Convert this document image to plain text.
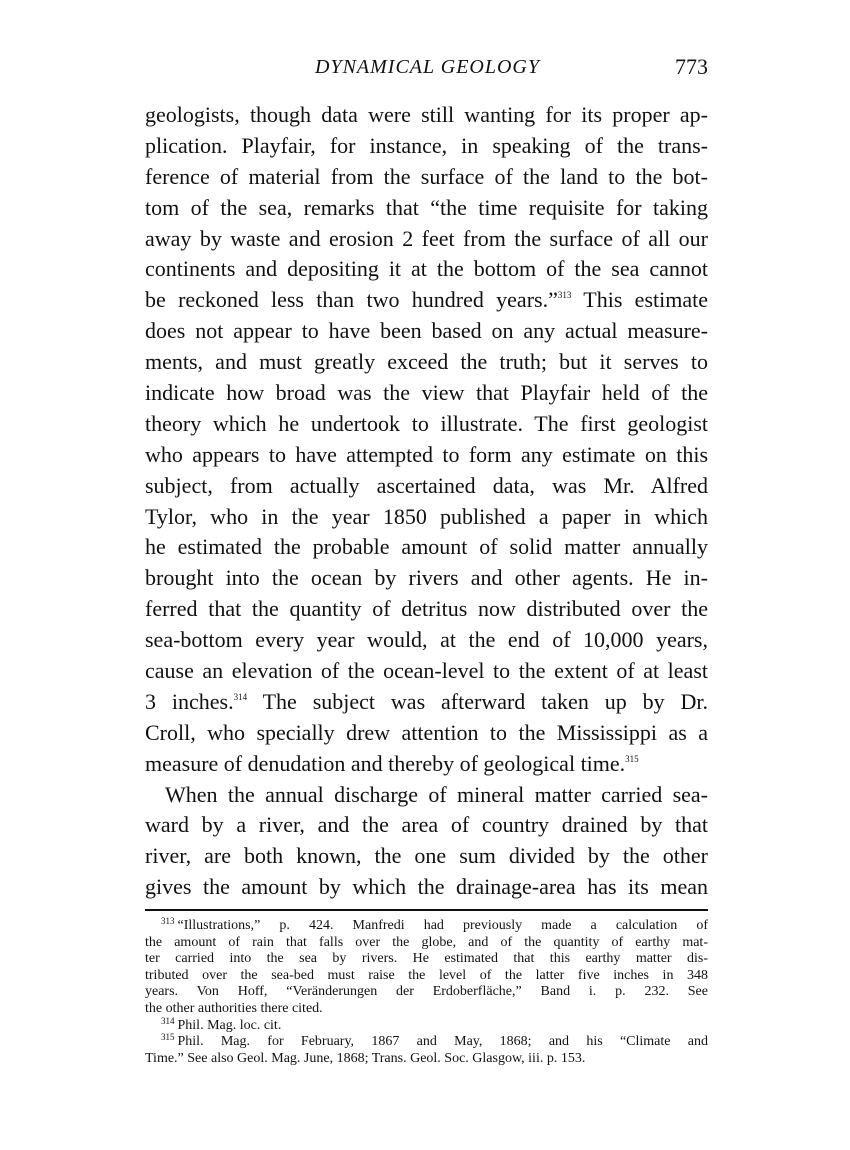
DYNAMICAL GEOLOGY	773
geologists, though data were still wanting for its proper ap-
plication. Playfair, for instance, in speaking of the trans-
ference of material from the surface of the land to the bot-
tom of the sea, remarks that “the time requisite for taking
away by waste and erosion 2 feet from the surface of all our
continents and depositing it at the bottom of the sea cannot
be reckoned less than two hundred years.”$^{313}$ This estimate
does not appear to have been based on any actual measure-
ments, and must greatly exceed the truth; but it serves to
indicate how broad was the view that Playfair held of the
theory which he undertook to illustrate. The first geologist
who appears to have attempted to form any estimate on this
subject, from actually ascertained data, was Mr. Alfred
Tylor, who in the year 1850 published a paper in which
he estimated the probable amount of solid matter annually
brought into the ocean by rivers and other agents. He in-
ferred that the quantity of detritus now distributed over the
sea-bottom every year would, at the end of 10,000 years,
cause an elevation of the ocean-level to the extent of at least
3 inches.$^{314}$ The subject was afterward taken up by Dr.
Croll, who specially drew attention to the Mississippi as a
measure of denudation and thereby of geological time.$^{315}$
When the annual discharge of mineral matter carried sea-
ward by a river, and the area of country drained by that
river, are both known, the one sum divided by the other
gives the amount by which the drainage-area has its mean
$^{313}$ “Illustrations,” p. 424. Manfredi had previously made a calculation of
the amount of rain that falls over the globe, and of the quantity of earthy mat-
ter carried into the sea by rivers. He estimated that this earthy matter dis-
tributed over the sea-bed must raise the level of the latter five inches in 348
years. Von Hoff, “Veränderungen der Erdoberfläche,” Band i. p. 232. See
the other authorities there cited.
$^{314}$ Phil. Mag. loc. cit.
$^{315}$ Phil. Mag. for February, 1867 and May, 1868; and his “Climate and
Time.” See also Geol. Mag. June, 1868; Trans. Geol. Soc. Glasgow, iii. p. 153.
